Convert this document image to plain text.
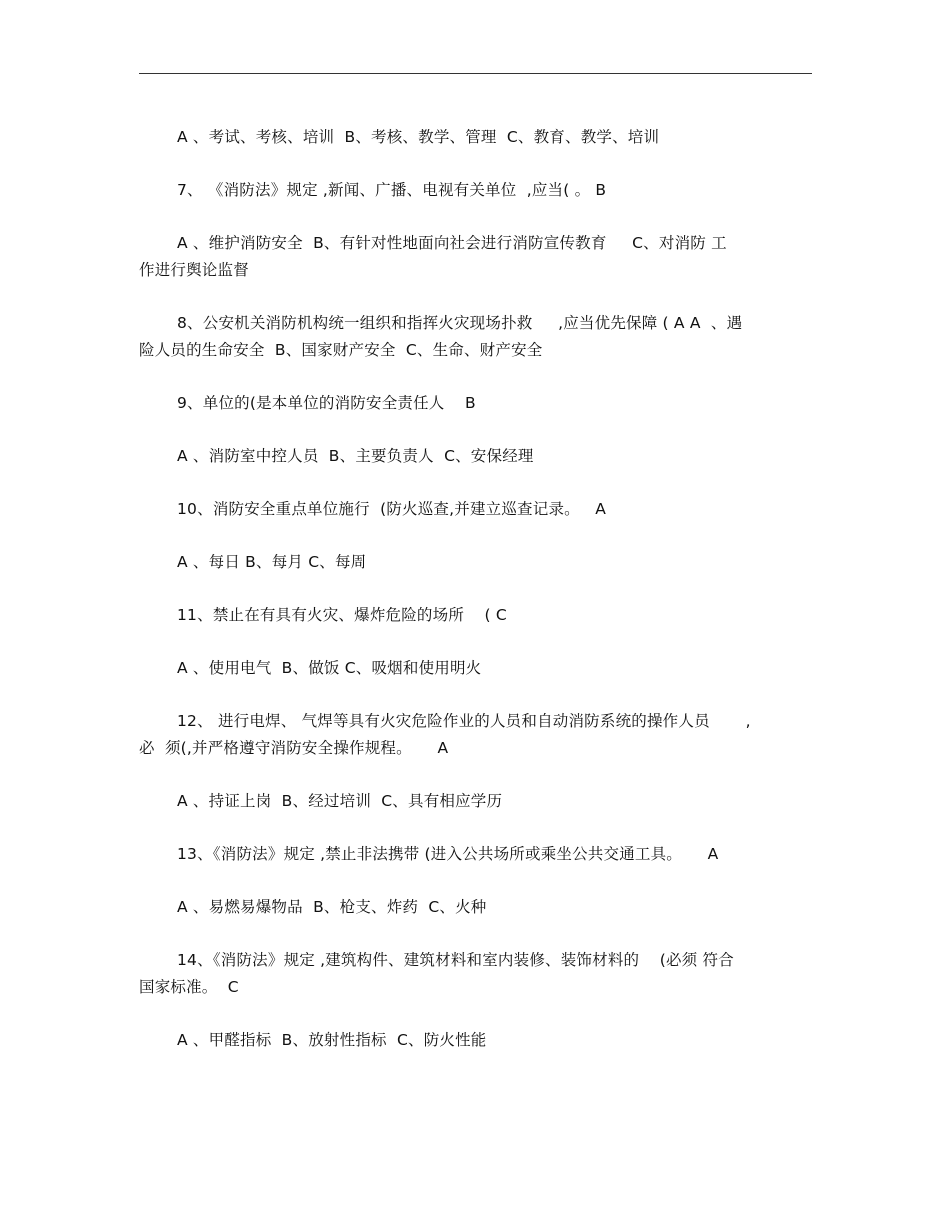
A 、考试、考核、培训  B、考核、教学、管理  C、教育、教学、培训

7、 《消防法》规定 ,新闻、广播、电视有关单位  ,应当( 。 B

A 、维护消防安全  B、有针对性地面向社会进行消防宣传教育     C、对消防 工
作进行舆论监督

8、公安机关消防机构统一组织和指挥火灾现场扑救     ,应当优先保障 ( A A  、遇
险人员的生命安全  B、国家财产安全  C、生命、财产安全

9、单位的(是本单位的消防安全责任人    B

A 、消防室中控人员  B、主要负责人  C、安保经理

10、消防安全重点单位施行  (防火巡查,并建立巡查记录。   A

A 、每日 B、每月 C、每周

11、禁止在有具有火灾、爆炸危险的场所    ( C

A 、使用电气  B、做饭 C、吸烟和使用明火

12、 进行电焊、 气焊等具有火灾危险作业的人员和自动消防系统的操作人员       ,
必  须(,并严格遵守消防安全操作规程。     A

A 、持证上岗  B、经过培训  C、具有相应学历

13、《消防法》规定 ,禁止非法携带 (进入公共场所或乘坐公共交通工具。     A

A 、易燃易爆物品  B、枪支、炸药  C、火种

14、《消防法》规定 ,建筑构件、建筑材料和室内装修、装饰材料的    (必须 符合
国家标准。  C

A 、甲醛指标  B、放射性指标  C、防火性能
